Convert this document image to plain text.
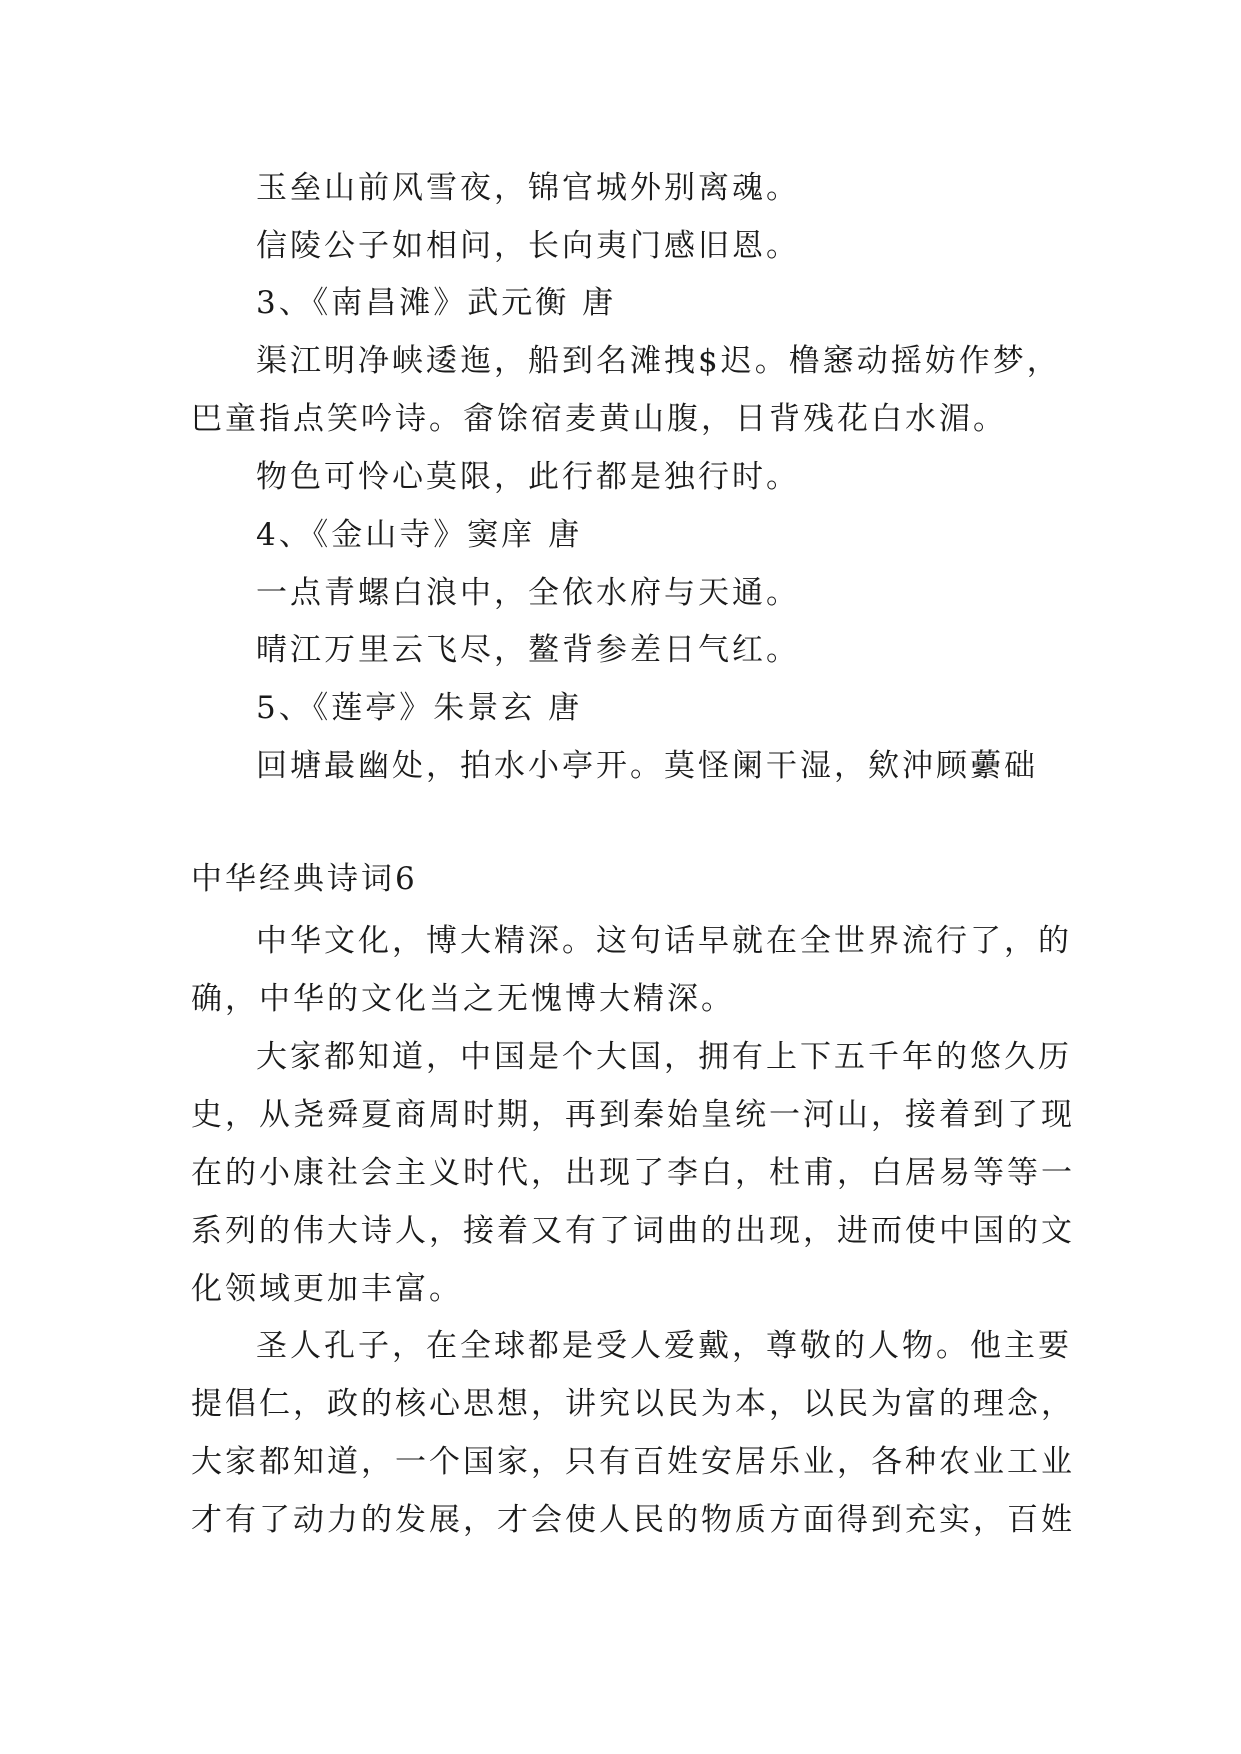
玉垒山前风雪夜，锦官城外别离魂。
信陵公子如相问，长向夷门感旧恩。
3、《南昌滩》武元衡 唐
渠江明净峡逶迤，船到名滩拽$迟。橹窸动摇妨作梦，
巴童指点笑吟诗。畲馀宿麦黄山腹，日背残花白水湄。
物色可怜心莫限，此行都是独行时。
4、《金山寺》窦庠 唐
一点青螺白浪中，全依水府与天通。
晴江万里云飞尽，鳌背参差日气红。
5、《莲亭》朱景玄 唐
回塘最幽处，拍水小亭开。莫怪阑干湿，欸沖顾虆础
中华经典诗词6
中华文化，博大精深。这句话早就在全世界流行了，的
确，中华的文化当之无愧博大精深。
大家都知道，中国是个大国，拥有上下五千年的悠久历
史，从尧舜夏商周时期，再到秦始皇统一河山，接着到了现
在的小康社会主义时代，出现了李白，杜甫，白居易等等一
系列的伟大诗人，接着又有了词曲的出现，进而使中国的文
化领域更加丰富。
圣人孔子，在全球都是受人爱戴，尊敬的人物。他主要
提倡仁，政的核心思想，讲究以民为本，以民为富的理念，
大家都知道，一个国家，只有百姓安居乐业，各种农业工业
才有了动力的发展，才会使人民的物质方面得到充实，百姓
